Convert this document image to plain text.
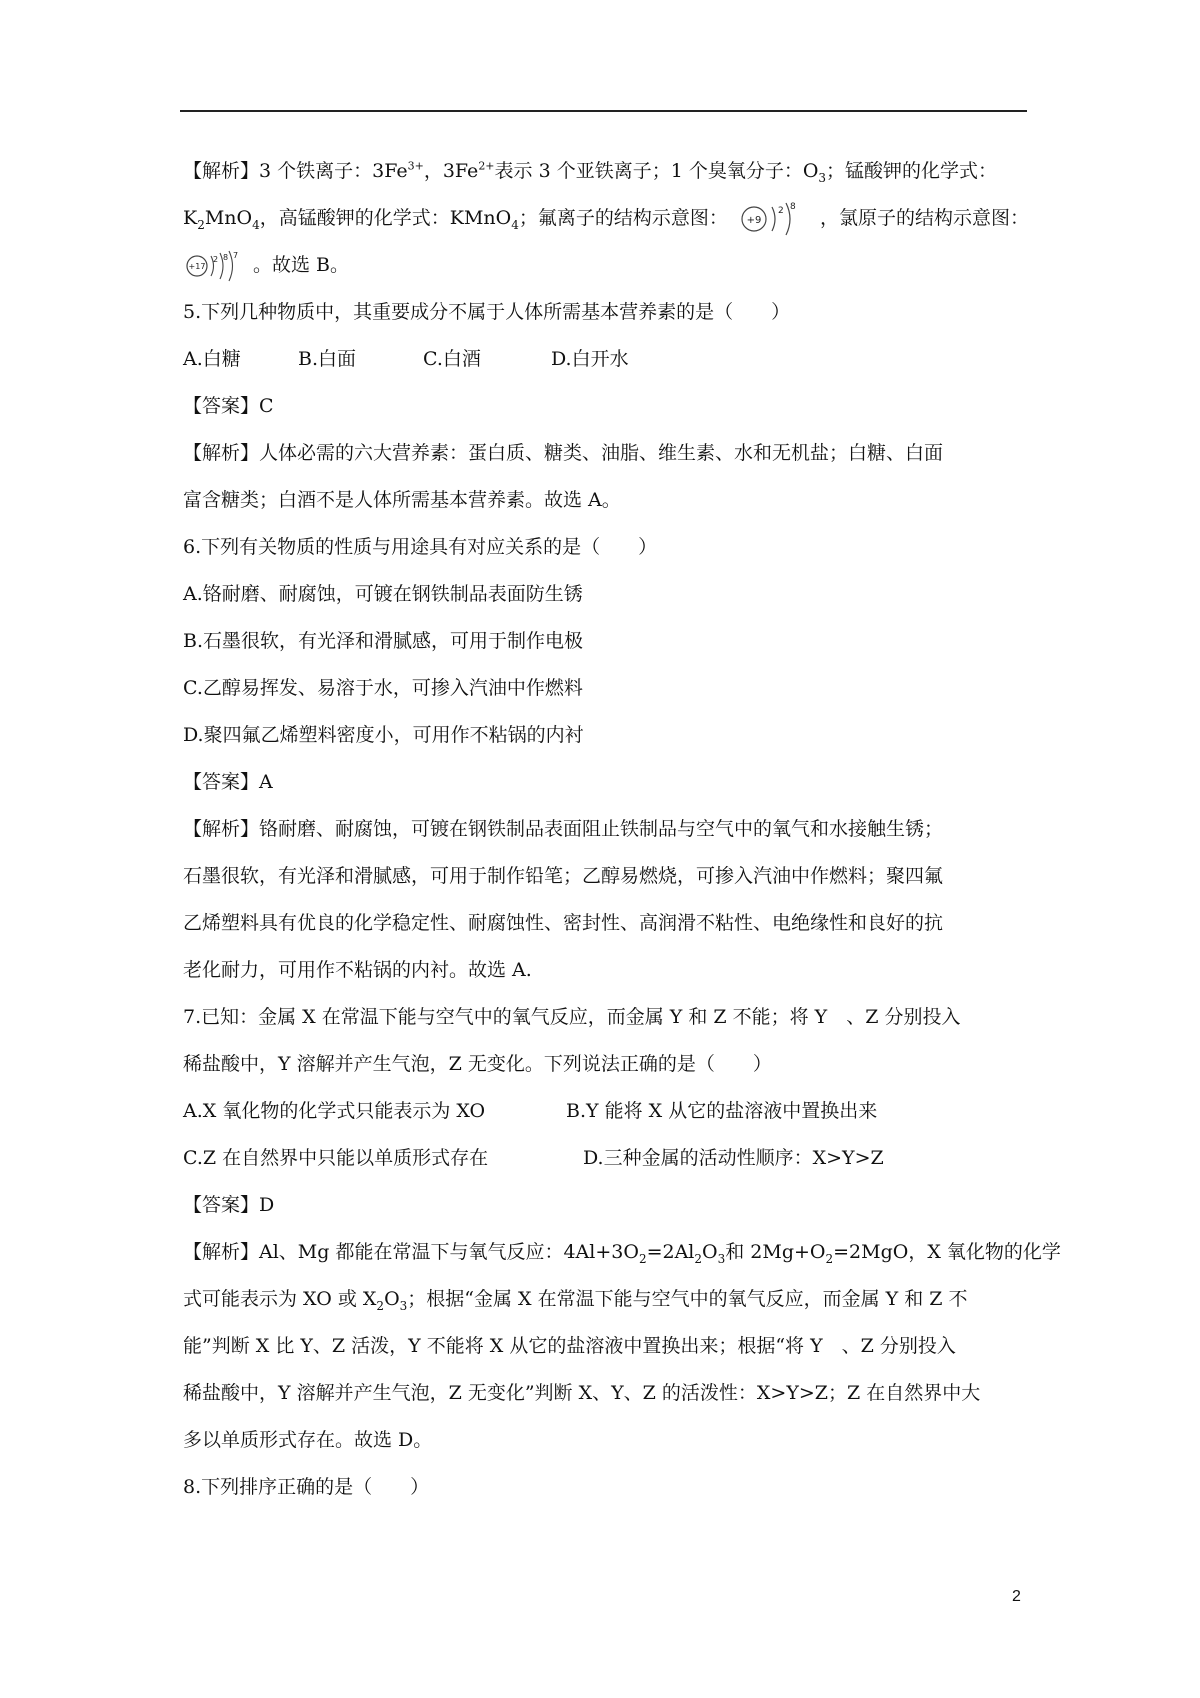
【解析】3 个铁离子：$3Fe^{3+}$，$3Fe^{2+}$表示 3 个亚铁离子；1 个臭氧分子：$O_3$；锰酸钾的化学式：
$K_2MnO_4$，高锰酸钾的化学式：KMnO$_4$；氟离子的结构示意图： +9
2 8 ，氯原子的结构示意图：
+17
2 8 7 。故选 B。
5.下列几种物质中，其重要成分不属于人体所需基本营养素的是（　　）
A.白糖	B.白面	C.白酒	D.白开水
【答案】C
【解析】人体必需的六大营养素：蛋白质、糖类、油脂、维生素、水和无机盐；白糖、白面
富含糖类；白酒不是人体所需基本营养素。故选 A。
6.下列有关物质的性质与用途具有对应关系的是（　　）
A.铬耐磨、耐腐蚀，可镀在钢铁制品表面防生锈
B.石墨很软，有光泽和滑腻感，可用于制作电极
C.乙醇易挥发、易溶于水，可掺入汽油中作燃料
D.聚四氟乙烯塑料密度小，可用作不粘锅的内衬
【答案】A
【解析】铬耐磨、耐腐蚀，可镀在钢铁制品表面阻止铁制品与空气中的氧气和水接触生锈；
石墨很软，有光泽和滑腻感，可用于制作铅笔；乙醇易燃烧，可掺入汽油中作燃料；聚四氟
乙烯塑料具有优良的化学稳定性、耐腐蚀性、密封性、高润滑不粘性、电绝缘性和良好的抗
老化耐力，可用作不粘锅的内衬。故选 A.
7.已知：金属 X 在常温下能与空气中的氧气反应，而金属 Y 和 Z 不能；将 Y　、Z 分别投入
稀盐酸中，Y 溶解并产生气泡，Z 无变化。下列说法正确的是（　　）
A.X 氧化物的化学式只能表示为 XO	B.Y 能将 X 从它的盐溶液中置换出来
C.Z 在自然界中只能以单质形式存在	D.三种金属的活动性顺序：X>Y>Z
【答案】D
【解析】Al、Mg 都能在常温下与氧气反应：$4Al+3O_2=2Al_2O_3$和 $2Mg+O_2=2MgO$，X 氧化物的化学
式可能表示为 XO 或 $X_2O_3$；根据“金属 X 在常温下能与空气中的氧气反应，而金属 Y 和 Z 不
能”判断 X 比 Y、Z 活泼，Y 不能将 X 从它的盐溶液中置换出来；根据“将 Y　、Z 分别投入
稀盐酸中，Y 溶解并产生气泡，Z 无变化”判断 X、Y、Z 的活泼性：X>Y>Z；Z 在自然界中大
多以单质形式存在。故选 D。
8.下列排序正确的是（　　）
2
